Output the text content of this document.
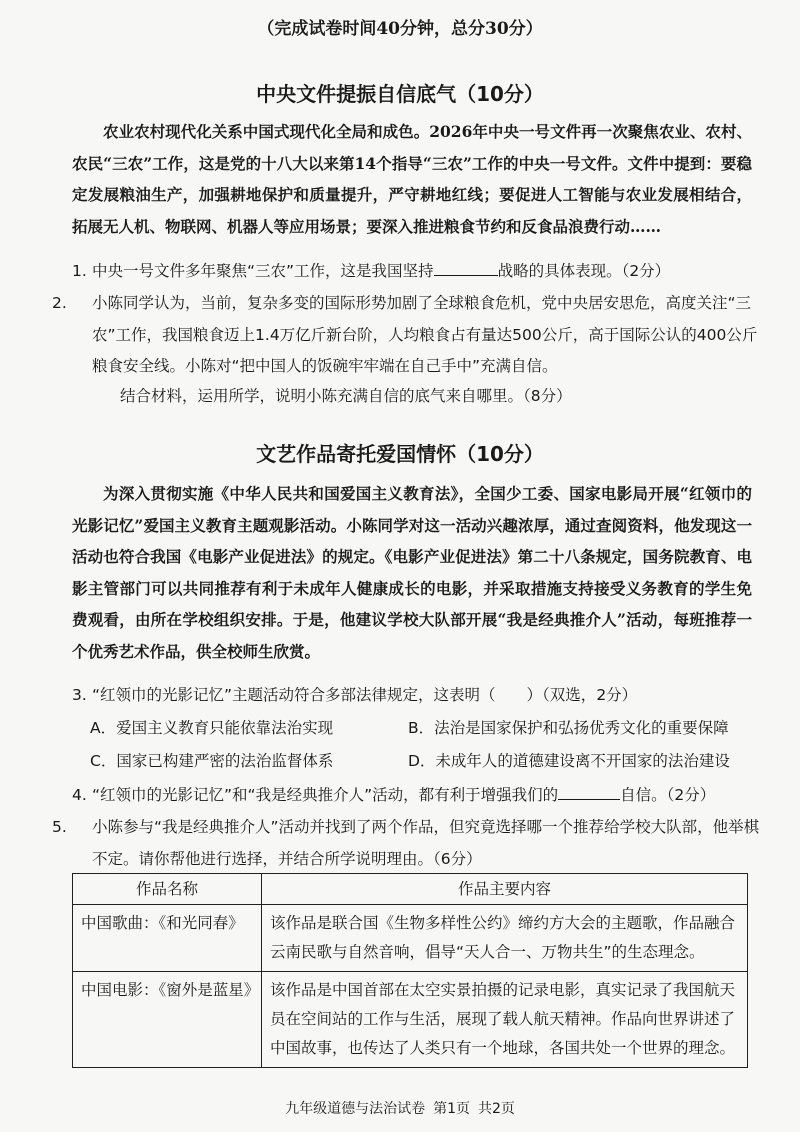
（完成试卷时间40分钟，总分30分）
中央文件提振自信底气（10分）
农业农村现代化关系中国式现代化全局和成色。2026年中央一号文件再一次聚焦农业、农村、农民“三农”工作，这是党的十八大以来第14个指导“三农”工作的中央一号文件。文件中提到：要稳定发展粮油生产，加强耕地保护和质量提升，严守耕地红线；要促进人工智能与农业发展相结合，拓展无人机、物联网、机器人等应用场景；要深入推进粮食节约和反食品浪费行动……
1. 中央一号文件多年聚焦“三农”工作，这是我国坚持	战略的具体表现。（2分）
2. 小陈同学认为，当前，复杂多变的国际形势加剧了全球粮食危机，党中央居安思危，高度关注“三农”工作，我国粮食迈上1.4万亿斤新台阶，人均粮食占有量达500公斤，高于国际公认的400公斤粮食安全线。小陈对“把中国人的饭碗牢牢端在自己手中”充满自信。
结合材料，运用所学，说明小陈充满自信的底气来自哪里。（8分）
文艺作品寄托爱国情怀（10分）
为深入贯彻实施《中华人民共和国爱国主义教育法》，全国少工委、国家电影局开展“红领巾的光影记忆”爱国主义教育主题观影活动。小陈同学对这一活动兴趣浓厚，通过查阅资料，他发现这一活动也符合我国《电影产业促进法》的规定。《电影产业促进法》第二十八条规定，国务院教育、电影主管部门可以共同推荐有利于未成年人健康成长的电影，并采取措施支持接受义务教育的学生免费观看，由所在学校组织安排。于是，他建议学校大队部开展“我是经典推介人”活动，每班推荐一个优秀艺术作品，供全校师生欣赏。
3. “红领巾的光影记忆”主题活动符合多部法律规定，这表明（　　）（双选，2分）
A．爱国主义教育只能依靠法治实现	B．法治是国家保护和弘扬优秀文化的重要保障
C．国家已构建严密的法治监督体系	D．未成年人的道德建设离不开国家的法治建设
4. “红领巾的光影记忆”和“我是经典推介人”活动，都有利于增强我们的	自信。（2分）
5. 小陈参与“我是经典推介人”活动并找到了两个作品，但究竟选择哪一个推荐给学校大队部，他举棋不定。请你帮他进行选择，并结合所学说明理由。（6分）
作品名称	作品主要内容
中国歌曲：《和光同春》	该作品是联合国《生物多样性公约》缔约方大会的主题歌，作品融合云南民歌与自然音响，倡导“天人合一、万物共生”的生态理念。
中国电影：《窗外是蓝星》	该作品是中国首部在太空实景拍摄的记录电影，真实记录了我国航天员在空间站的工作与生活，展现了载人航天精神。作品向世界讲述了中国故事，也传达了人类只有一个地球，各国共处一个世界的理念。
九年级道德与法治试卷 第1页 共2页
